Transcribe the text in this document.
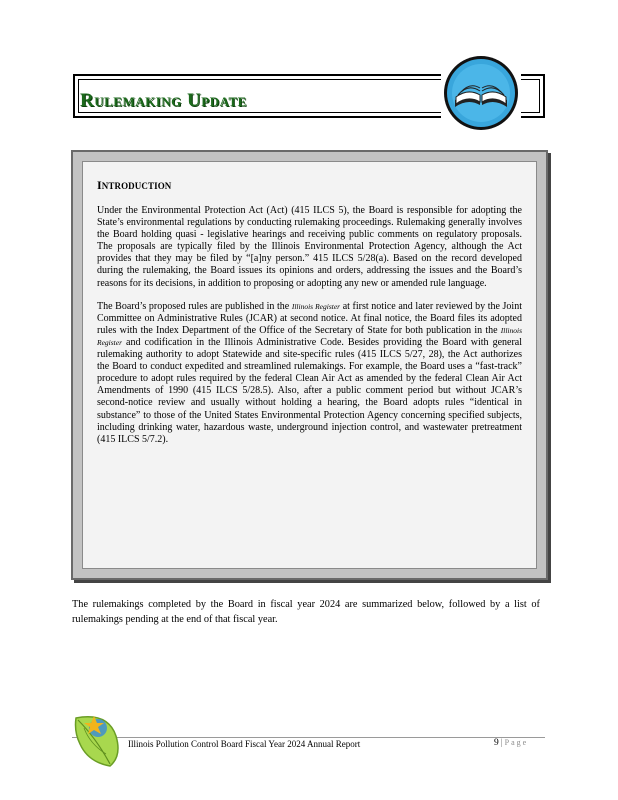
Rulemaking Update
INTRODUCTION

Under the Environmental Protection Act (Act) (415 ILCS 5), the Board is responsible for adopting the State’s environmental regulations by conducting rulemaking proceedings. Rulemaking generally involves the Board holding quasi - legislative hearings and receiving public comments on regulatory proposals. The proposals are typically filed by the Illinois Environmental Protection Agency, although the Act provides that they may be filed by “[a]ny person.” 415 ILCS 5/28(a). Based on the record developed during the rulemaking, the Board issues its opinions and orders, addressing the issues and the Board’s reasons for its decisions, in addition to proposing or adopting any new or amended rule language.

The Board’s proposed rules are published in the Illinois Register at first notice and later reviewed by the Joint Committee on Administrative Rules (JCAR) at second notice. At final notice, the Board files its adopted rules with the Index Department of the Office of the Secretary of State for both publication in the Illinois Register and codification in the Illinois Administrative Code. Besides providing the Board with general rulemaking authority to adopt Statewide and site-specific rules (415 ILCS 5/27, 28), the Act authorizes the Board to conduct expedited and streamlined rulemakings. For example, the Board uses a “fast-track” procedure to adopt rules required by the federal Clean Air Act as amended by the federal Clean Air Act Amendments of 1990 (415 ILCS 5/28.5). Also, after a public comment period but without JCAR’s second-notice review and usually without holding a hearing, the Board adopts rules “identical in substance” to those of the United States Environmental Protection Agency concerning specified subjects, including drinking water, hazardous waste, underground injection control, and wastewater pretreatment (415 ILCS 5/7.2).

The rulemakings completed by the Board in fiscal year 2024 are summarized below, followed by a list of rulemakings pending at the end of that fiscal year.
Illinois Pollution Control Board Fiscal Year 2024 Annual Report	9 | Page
